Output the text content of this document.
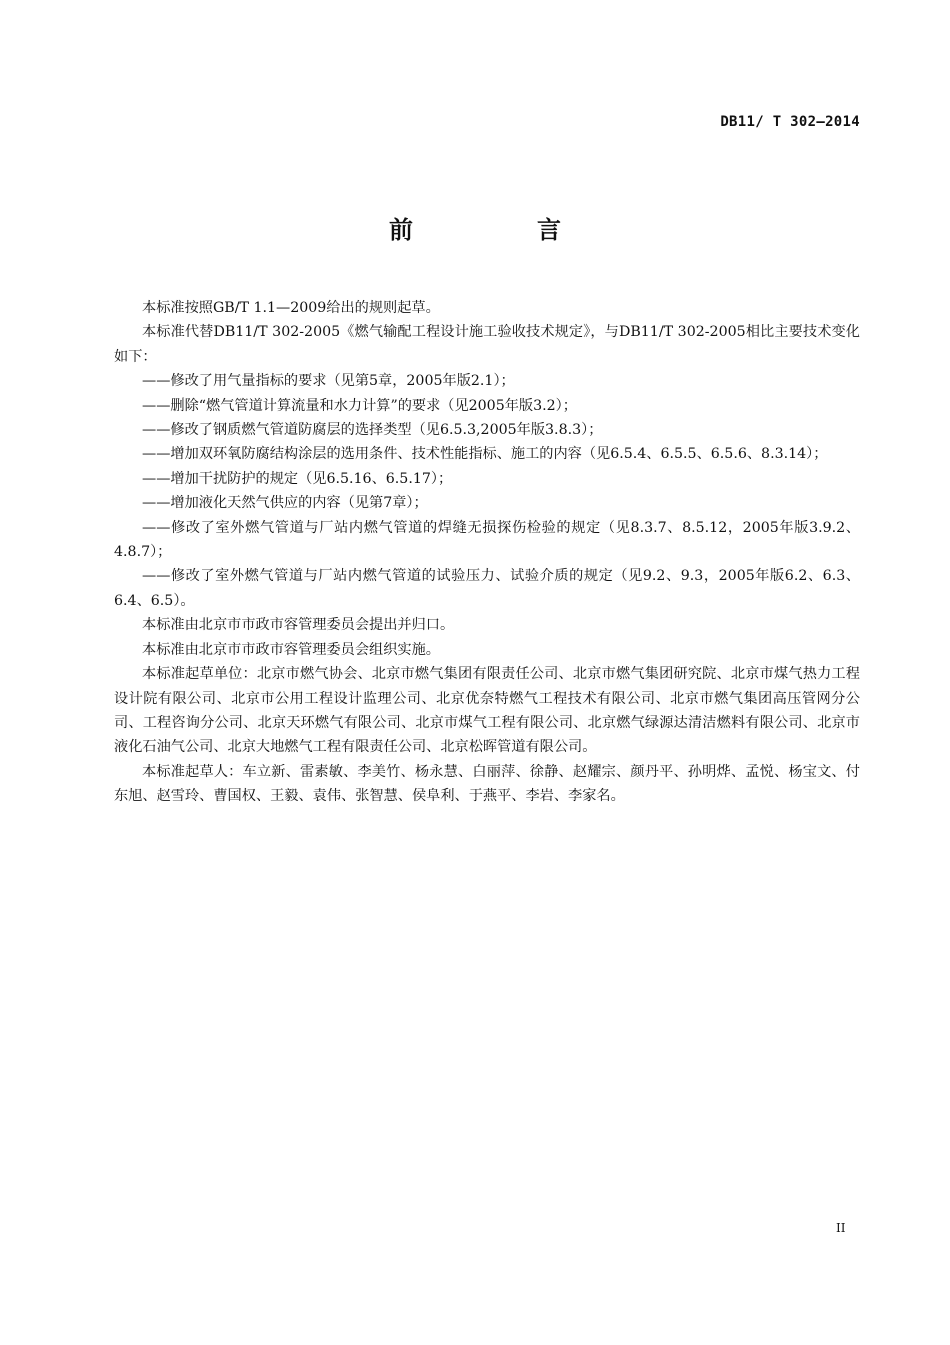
DB11/ T 302—2014
前　言

本标准按照GB/T 1.1—2009给出的规则起草。

本标准代替DB11/T 302-2005《燃气输配工程设计施工验收技术规定》，与DB11/T 302-2005相比主要技术变化如下：

——修改了用气量指标的要求（见第5章，2005年版2.1）；

——删除“燃气管道计算流量和水力计算”的要求（见2005年版3.2）；

——修改了钢质燃气管道防腐层的选择类型（见6.5.3,2005年版3.8.3）；

——增加双环氧防腐结构涂层的选用条件、技术性能指标、施工的内容（见6.5.4、6.5.5、6.5.6、8.3.14）；

——增加干扰防护的规定（见6.5.16、6.5.17）；

——增加液化天然气供应的内容（见第7章）；

——修改了室外燃气管道与厂站内燃气管道的焊缝无损探伤检验的规定（见8.3.7、8.5.12，2005年版3.9.2、4.8.7）；

——修改了室外燃气管道与厂站内燃气管道的试验压力、试验介质的规定（见9.2、9.3，2005年版6.2、6.3、6.4、6.5）。

本标准由北京市市政市容管理委员会提出并归口。

本标准由北京市市政市容管理委员会组织实施。

本标准起草单位：北京市燃气协会、北京市燃气集团有限责任公司、北京市燃气集团研究院、北京市煤气热力工程设计院有限公司、北京市公用工程设计监理公司、北京优奈特燃气工程技术有限公司、北京市燃气集团高压管网分公司、工程咨询分公司、北京天环燃气有限公司、北京市煤气工程有限公司、北京燃气绿源达清洁燃料有限公司、北京市液化石油气公司、北京大地燃气工程有限责任公司、北京松晖管道有限公司。

本标准起草人：车立新、雷素敏、李美竹、杨永慧、白丽萍、徐静、赵耀宗、颜丹平、孙明烨、孟悦、杨宝文、付东旭、赵雪玲、曹国权、王毅、袁伟、张智慧、侯阜利、于燕平、李岩、李家名。

II
